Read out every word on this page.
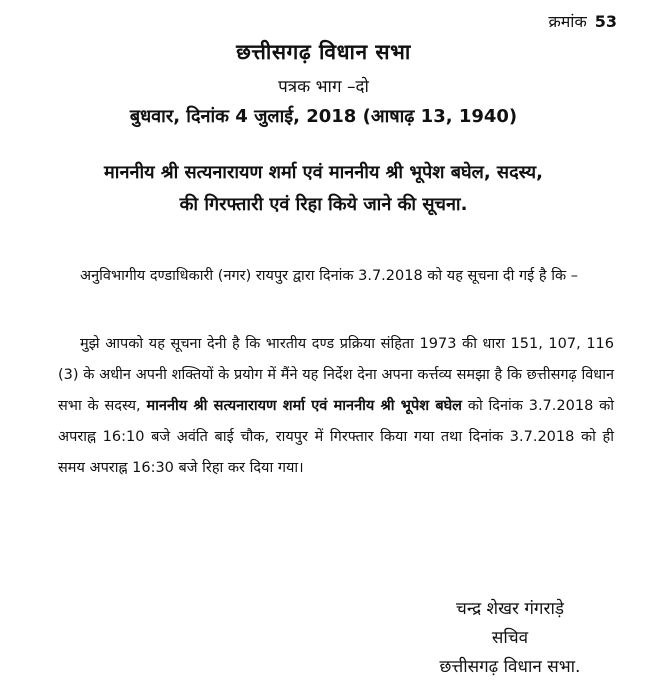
क्रमांक 53
छत्तीसगढ़ विधान सभा
पत्रक भाग –दो
बुधवार, दिनांक 4 जुलाई, 2018 (आषाढ़ 13, 1940)
माननीय श्री सत्यनारायण शर्मा एवं माननीय श्री भूपेश बघेल, सदस्य,
की गिरफ्तारी एवं रिहा किये जाने की सूचना.

अनुविभागीय दण्डाधिकारी (नगर) रायपुर द्वारा दिनांक 3.7.2018 को यह सूचना दी गई है कि –

मुझे आपको यह सूचना देनी है कि भारतीय दण्ड प्रक्रिया संहिता 1973 की धारा 151, 107, 116 (3) के अधीन अपनी शक्तियों के प्रयोग में मैंने यह निर्देश देना अपना कर्त्तव्य समझा है कि छत्तीसगढ़ विधान सभा के सदस्य, माननीय श्री सत्यनारायण शर्मा एवं माननीय श्री भूपेश बघेल को दिनांक 3.7.2018 को अपराह्न 16:10 बजे अवंति बाई चौक, रायपुर में गिरफ्तार किया गया तथा दिनांक 3.7.2018 को ही समय अपराह्न 16:30 बजे रिहा कर दिया गया।

चन्द्र शेखर गंगराड़े
सचिव
छत्तीसगढ़ विधान सभा.
